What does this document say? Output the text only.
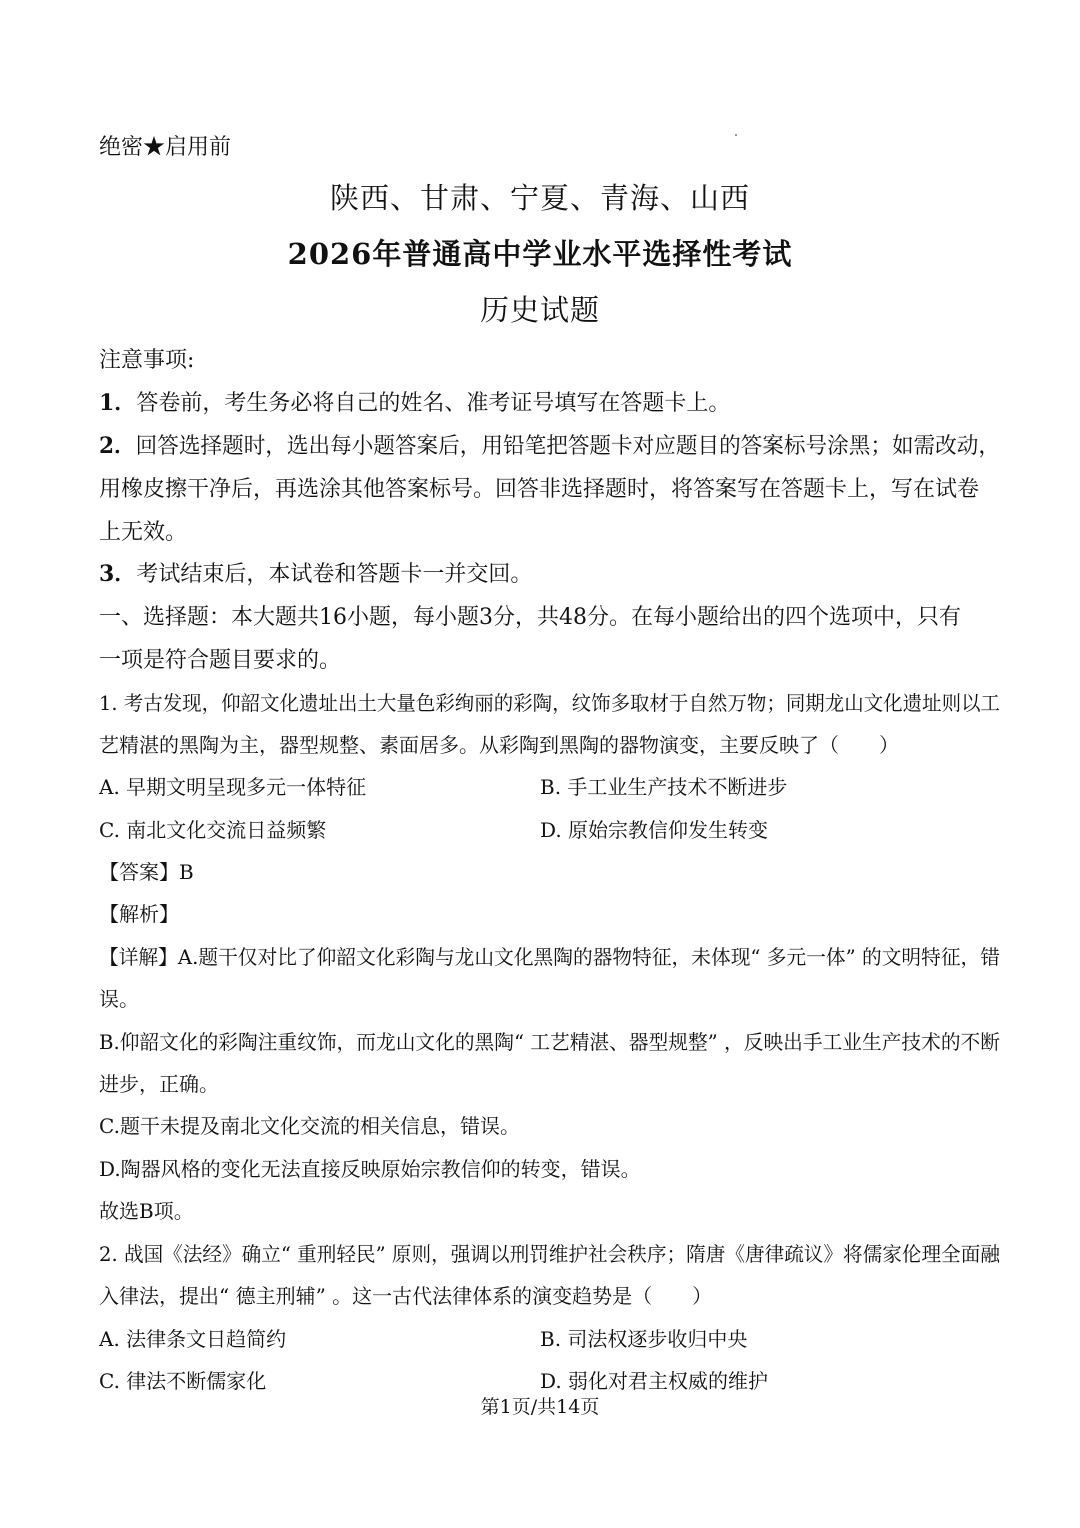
绝密★启用前
陕西、甘肃、宁夏、青海、山西
2026年普通高中学业水平选择性考试
历史试题
注意事项:
1．答卷前，考生务必将自己的姓名、准考证号填写在答题卡上。
2．回答选择题时，选出每小题答案后，用铅笔把答题卡对应题目的答案标号涂黑；如需改动，
用橡皮擦干净后，再选涂其他答案标号。回答非选择题时，将答案写在答题卡上，写在试卷
上无效。
3．考试结束后，本试卷和答题卡一并交回。
一、选择题：本大题共16小题，每小题3分，共48分。在每小题给出的四个选项中，只有
一项是符合题目要求的。
1. 考古发现，仰韶文化遗址出土大量色彩绚丽的彩陶，纹饰多取材于自然万物；同期龙山文化遗址则以工
艺精湛的黑陶为主，器型规整、素面居多。从彩陶到黑陶的器物演变，主要反映了（　　）
A. 早期文明呈现多元一体特征	B. 手工业生产技术不断进步
C. 南北文化交流日益频繁	D. 原始宗教信仰发生转变
【答案】B
【解析】
【详解】A.题干仅对比了仰韶文化彩陶与龙山文化黑陶的器物特征，未体现“ 多元一体” 的文明特征，错
误。
B.仰韶文化的彩陶注重纹饰，而龙山文化的黑陶“ 工艺精湛、器型规整” ，反映出手工业生产技术的不断
进步，正确。
C.题干未提及南北文化交流的相关信息，错误。
D.陶器风格的变化无法直接反映原始宗教信仰的转变，错误。
故选B项。
2. 战国《法经》确立“ 重刑轻民” 原则，强调以刑罚维护社会秩序；隋唐《唐律疏议》将儒家伦理全面融
入律法，提出“ 德主刑辅” 。这一古代法律体系的演变趋势是（　　）
A. 法律条文日趋简约	B. 司法权逐步收归中央
C. 律法不断儒家化	D. 弱化对君主权威的维护
第1页/共14页
